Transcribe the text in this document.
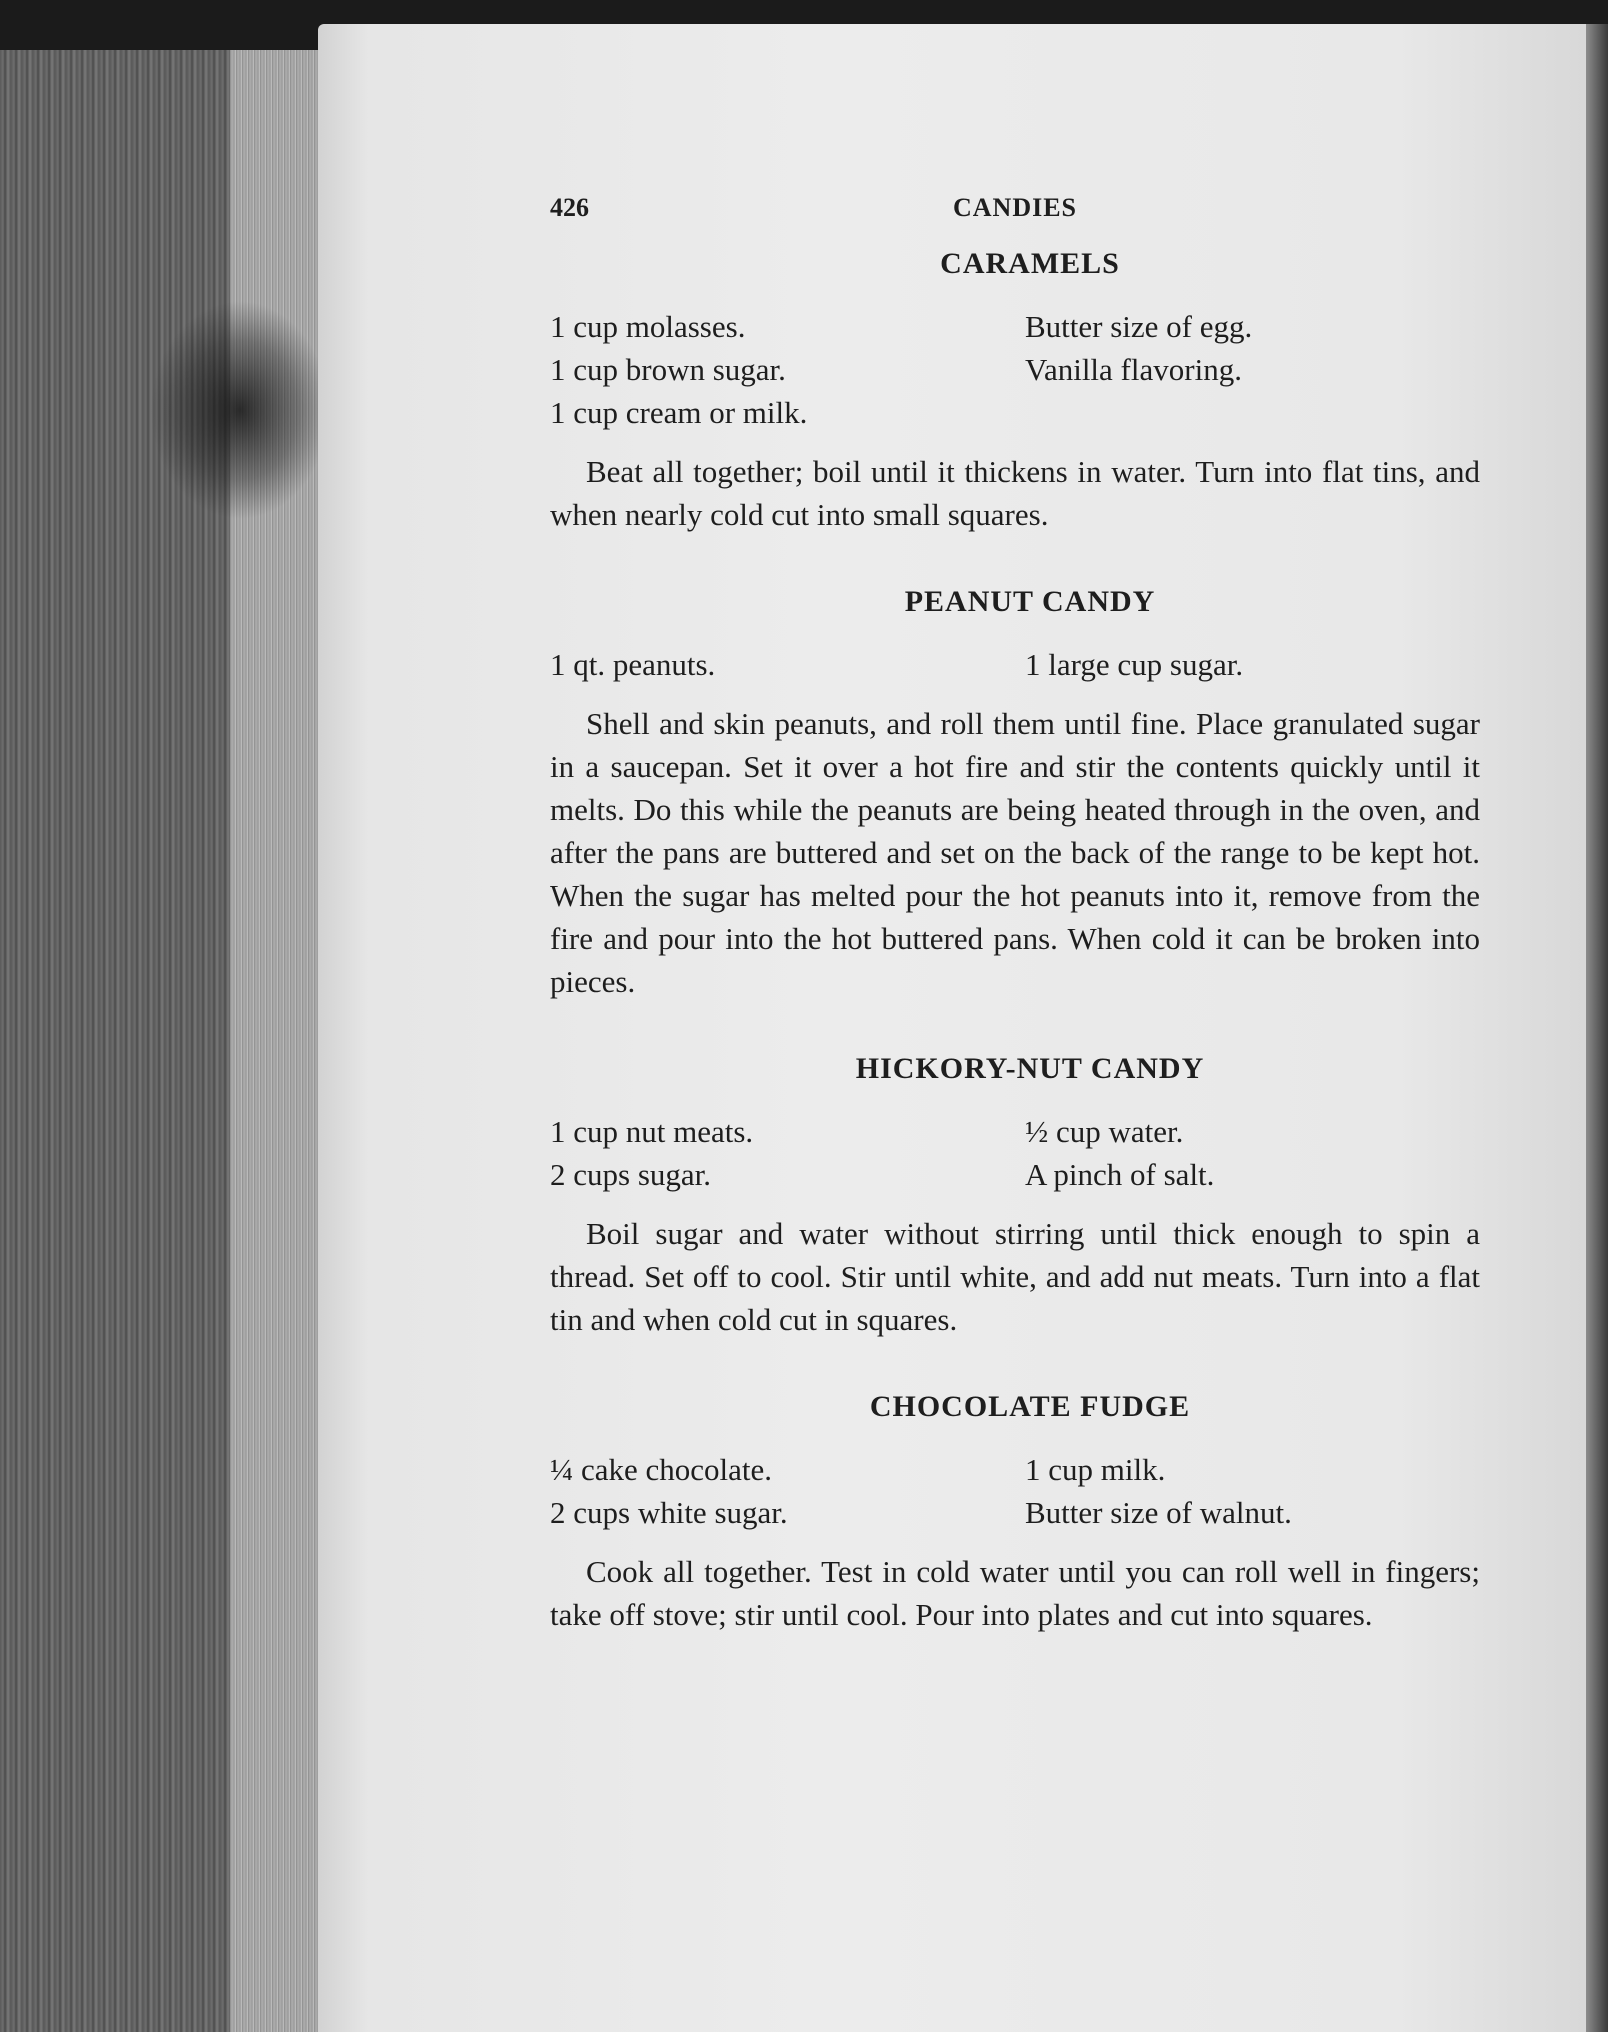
426	CANDIES
CARAMELS
1 cup molasses.	Butter size of egg.
1 cup brown sugar.	Vanilla flavoring.
1 cup cream or milk.

Beat all together; boil until it thickens in water. Turn into flat tins, and when nearly cold cut into small squares.

PEANUT CANDY
1 qt. peanuts.	1 large cup sugar.

Shell and skin peanuts, and roll them until fine. Place granulated sugar in a saucepan. Set it over a hot fire and stir the contents quickly until it melts. Do this while the peanuts are being heated through in the oven, and after the pans are buttered and set on the back of the range to be kept hot. When the sugar has melted pour the hot peanuts into it, remove from the fire and pour into the hot buttered pans. When cold it can be broken into pieces.

HICKORY-NUT CANDY
1 cup nut meats.	½ cup water.
2 cups sugar.	A pinch of salt.

Boil sugar and water without stirring until thick enough to spin a thread. Set off to cool. Stir until white, and add nut meats. Turn into a flat tin and when cold cut in squares.

CHOCOLATE FUDGE
¼ cake chocolate.	1 cup milk.
2 cups white sugar.	Butter size of walnut.

Cook all together. Test in cold water until you can roll well in fingers; take off stove; stir until cool. Pour into plates and cut into squares.
